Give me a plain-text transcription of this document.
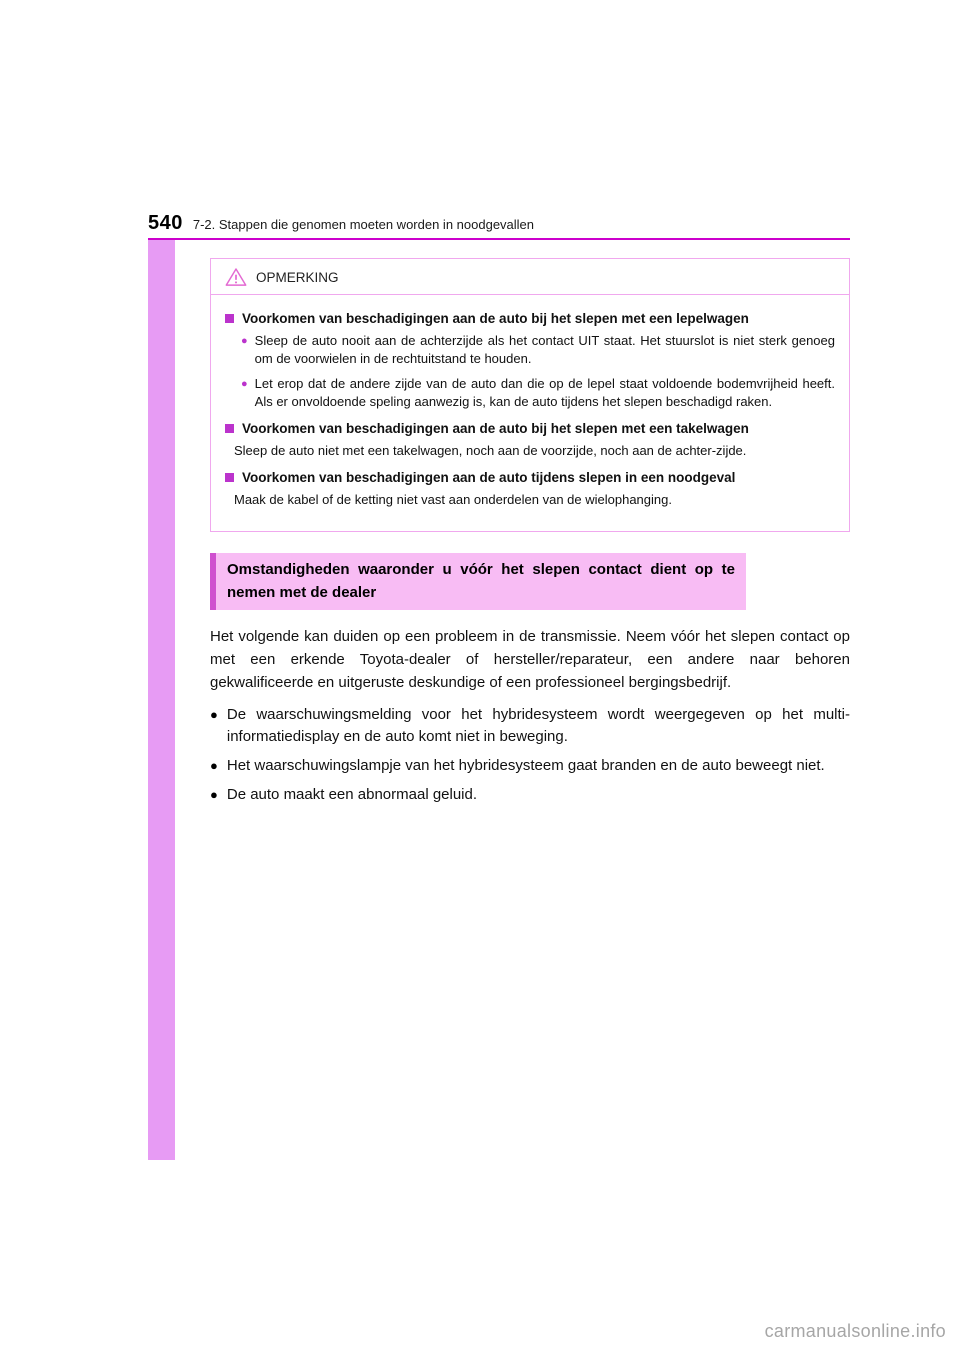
540 7-2. Stappen die genomen moeten worden in noodgevallen
OPMERKING
Voorkomen van beschadigingen aan de auto bij het slepen met een lepelwagen
● Sleep de auto nooit aan de achterzijde als het contact UIT staat. Het stuurslot is niet sterk genoeg om de voorwielen in de rechtuitstand te houden.
● Let erop dat de andere zijde van de auto dan die op de lepel staat voldoende bodemvrijheid heeft. Als er onvoldoende speling aanwezig is, kan de auto tijdens het slepen beschadigd raken.
Voorkomen van beschadigingen aan de auto bij het slepen met een takelwagen
Sleep de auto niet met een takelwagen, noch aan de voorzijde, noch aan de achter-zijde.
Voorkomen van beschadigingen aan de auto tijdens slepen in een noodgeval
Maak de kabel of de ketting niet vast aan onderdelen van de wielophanging.
Omstandigheden waaronder u vóór het slepen contact dient op te
nemen met de dealer

Het volgende kan duiden op een probleem in de transmissie. Neem vóór het slepen contact op met een erkende Toyota-dealer of hersteller/reparateur, een andere naar behoren gekwalificeerde en uitgeruste deskundige of een professioneel bergingsbedrijf.

● De waarschuwingsmelding voor het hybridesysteem wordt weergegeven op het multi-informatiedisplay en de auto komt niet in beweging.
● Het waarschuwingslampje van het hybridesysteem gaat branden en de auto beweegt niet.
● De auto maakt een abnormaal geluid.
carmanualsonline.info
